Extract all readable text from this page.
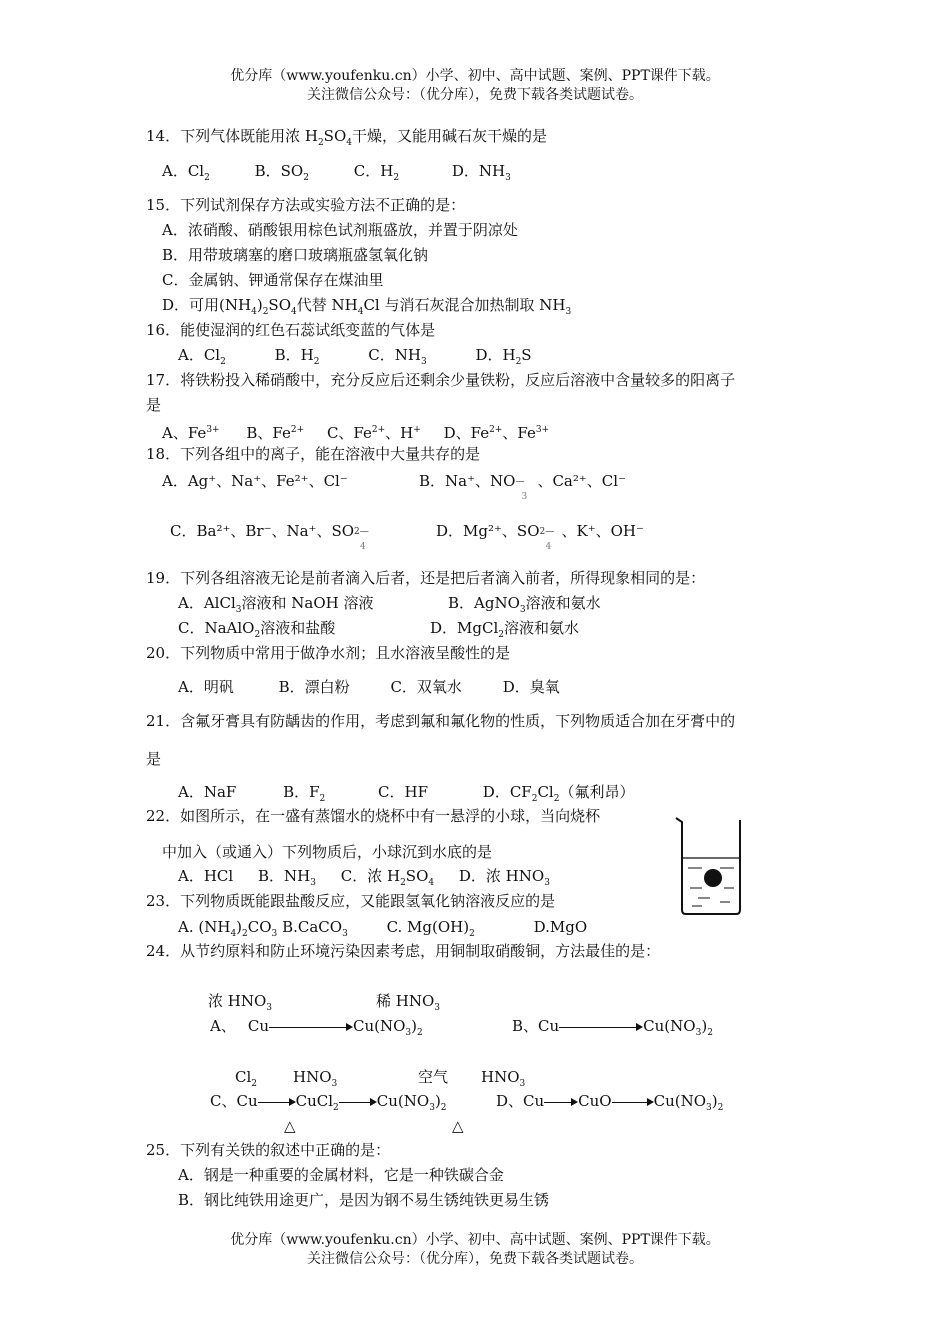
优分库（www.youfenku.cn）小学、初中、高中试题、案例、PPT课件下载。
关注微信公众号：（优分库），免费下载各类试题试卷。
14．下列气体既能用浓 $H_2SO_4$干燥，又能用碱石灰干燥的是
A．$Cl_2$	B．$SO_2$	C．$H_2$	D．$NH_3$
15．下列试剂保存方法或实验方法不正确的是：
A．浓硝酸、硝酸银用棕色试剂瓶盛放，并置于阴凉处
B．用带玻璃塞的磨口玻璃瓶盛氢氧化钠
C．金属钠、钾通常保存在煤油里
D．可用$(NH_4)_2SO_4$代替 $NH_4Cl$ 与消石灰混合加热制取 $NH_3$
16．能使湿润的红色石蕊试纸变蓝的气体是
A．$Cl_2$	B．$H_2$	C．$NH_3$	D．$H_2S$
17．将铁粉投入稀硝酸中，充分反应后还剩余少量铁粉，反应后溶液中含量较多的阳离子
是
A、$Fe^{3+}$ B、$Fe^{2+}$ C、$Fe^{2+}$、H+ D、$Fe^{2+}$、$Fe^{3+}$
18．下列各组中的离子，能在溶液中大量共存的是
A．Ag⁺、Na⁺、Fe²⁺、Cl⁻	B．Na⁺、NO—
3
、Ca²⁺、Cl⁻
C．Ba²⁺、Br⁻、Na⁺、SO2—
4
D．Mg²⁺、SO2—
4
、K⁺、OH⁻
19．下列各组溶液无论是前者滴入后者，还是把后者滴入前者，所得现象相同的是：
A．AlCl$_3$溶液和 NaOH 溶液	B．AgNO$_3$溶液和氨水
C．NaAlO$_2$溶液和盐酸	D．MgCl$_2$溶液和氨水
20．下列物质中常用于做净水剂；且水溶液呈酸性的是
A．明矾	B．漂白粉	C．双氧水	D．臭氧
21．含氟牙膏具有防龋齿的作用，考虑到氟和氟化物的性质，下列物质适合加在牙膏中的
是
A．NaF	B．$F_2$	C．HF	D．$CF_2Cl_2$（氟利昂）
22．如图所示，在一盛有蒸馏水的烧杯中有一悬浮的小球，当向烧杯
中加入（或通入）下列物质后，小球沉到水底的是
A．HCl B．$NH_3$ C．浓 $H_2SO_4$ D．浓 $HNO_3$
23．下列物质既能跟盐酸反应，又能跟氢氧化钠溶液反应的是
A. $(NH_4)_2CO_3$ B.CaCO$_3$	C. $Mg(OH)_2$	D.MgO
24．从节约原料和防止环境污染因素考虑，用铜制取硝酸铜，方法最佳的是：
浓 $HNO_3$	稀 $HNO_3$
A、 Cu	$Cu(NO_3)_2$	B、Cu	$Cu(NO_3)_2$
$Cl_2$ $HNO_3$	空气 $HNO_3$
C、Cu	CuCl$_2$	$Cu(NO_3)_2$	D、Cu CuO	$Cu(NO_3)_2$
△	△
25．下列有关铁的叙述中正确的是：
A．钢是一种重要的金属材料，它是一种铁碳合金
B．钢比纯铁用途更广，是因为钢不易生锈纯铁更易生锈
优分库（www.youfenku.cn）小学、初中、高中试题、案例、PPT课件下载。
关注微信公众号：（优分库），免费下载各类试题试卷。
